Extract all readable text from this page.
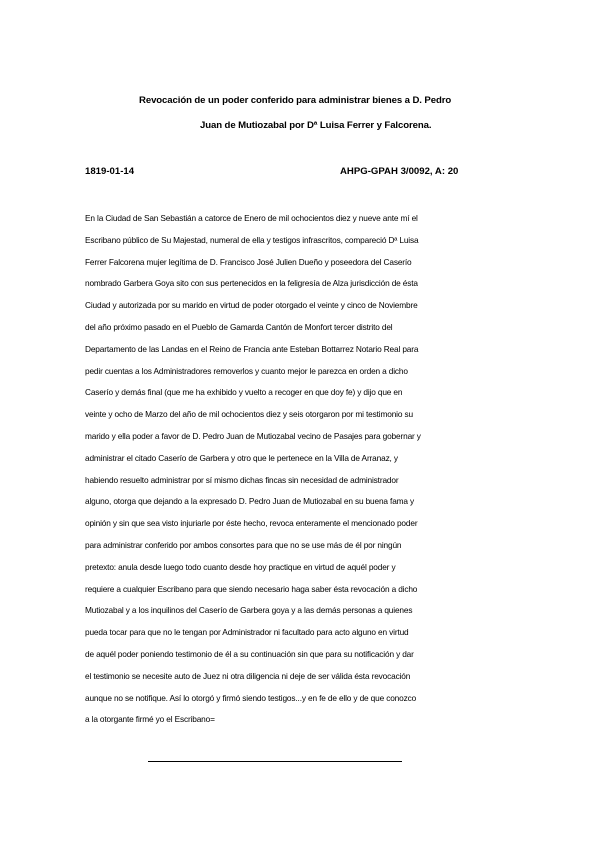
Revocación de un poder conferido para administrar bienes a D. Pedro
Juan de Mutiozabal por Dª Luisa Ferrer y Falcorena.
1819-01-14	AHPG-GPAH 3/0092, A: 20
En la Ciudad de San Sebastián a catorce de Enero de mil ochocientos diez y nueve ante mí el
Escribano público de Su Majestad, numeral de ella y testigos infrascritos, compareció Dª Luisa
Ferrer Falcorena mujer legítima de D. Francisco José Julien Dueño y poseedora del Caserío
nombrado Garbera Goya sito con sus pertenecidos en la feligresía de Alza jurisdicción de ésta
Ciudad y autorizada por su marido en virtud de poder otorgado el veinte y cinco de Noviembre
del año próximo pasado en el Pueblo de Gamarda Cantón de Monfort tercer distrito del
Departamento de las Landas en el Reino de Francia ante Esteban Bottarrez Notario Real para
pedir cuentas a los Administradores removerlos y cuanto mejor le parezca en orden a dicho
Caserío y demás final (que me ha exhibido y vuelto a recoger en que doy fe) y dijo que en
veinte y ocho de Marzo del año de mil ochocientos diez y seis otorgaron por mi testimonio su
marido y ella poder a favor de D. Pedro Juan de Mutiozabal vecino de Pasajes para gobernar y
administrar el citado Caserío de Garbera y otro que le pertenece en la Villa de Arranaz, y
habiendo resuelto administrar por sí mismo dichas fincas sin necesidad de administrador
alguno, otorga que dejando a la expresado D. Pedro Juan de Mutiozabal en su buena fama y
opinión y sin que sea visto injuriarle por éste hecho, revoca enteramente el mencionado poder
para administrar conferido por ambos consortes para que no se use más de él por ningún
pretexto: anula desde luego todo cuanto desde hoy practique en virtud de aquél poder y
requiere a cualquier Escribano para que siendo necesario haga saber ésta revocación a dicho
Mutiozabal y a los inquilinos del Caserío de Garbera goya y a las demás personas a quienes
pueda tocar para que no le tengan por Administrador ni facultado para acto alguno en virtud
de aquél poder poniendo testimonio de él a su continuación sin que para su notificación y dar
el testimonio se necesite auto de Juez ni otra diligencia ni deje de ser válida ésta revocación
aunque no se notifique. Así lo otorgó y firmó siendo testigos...y en fe de ello y de que conozco
a la otorgante firmé yo el Escribano=
